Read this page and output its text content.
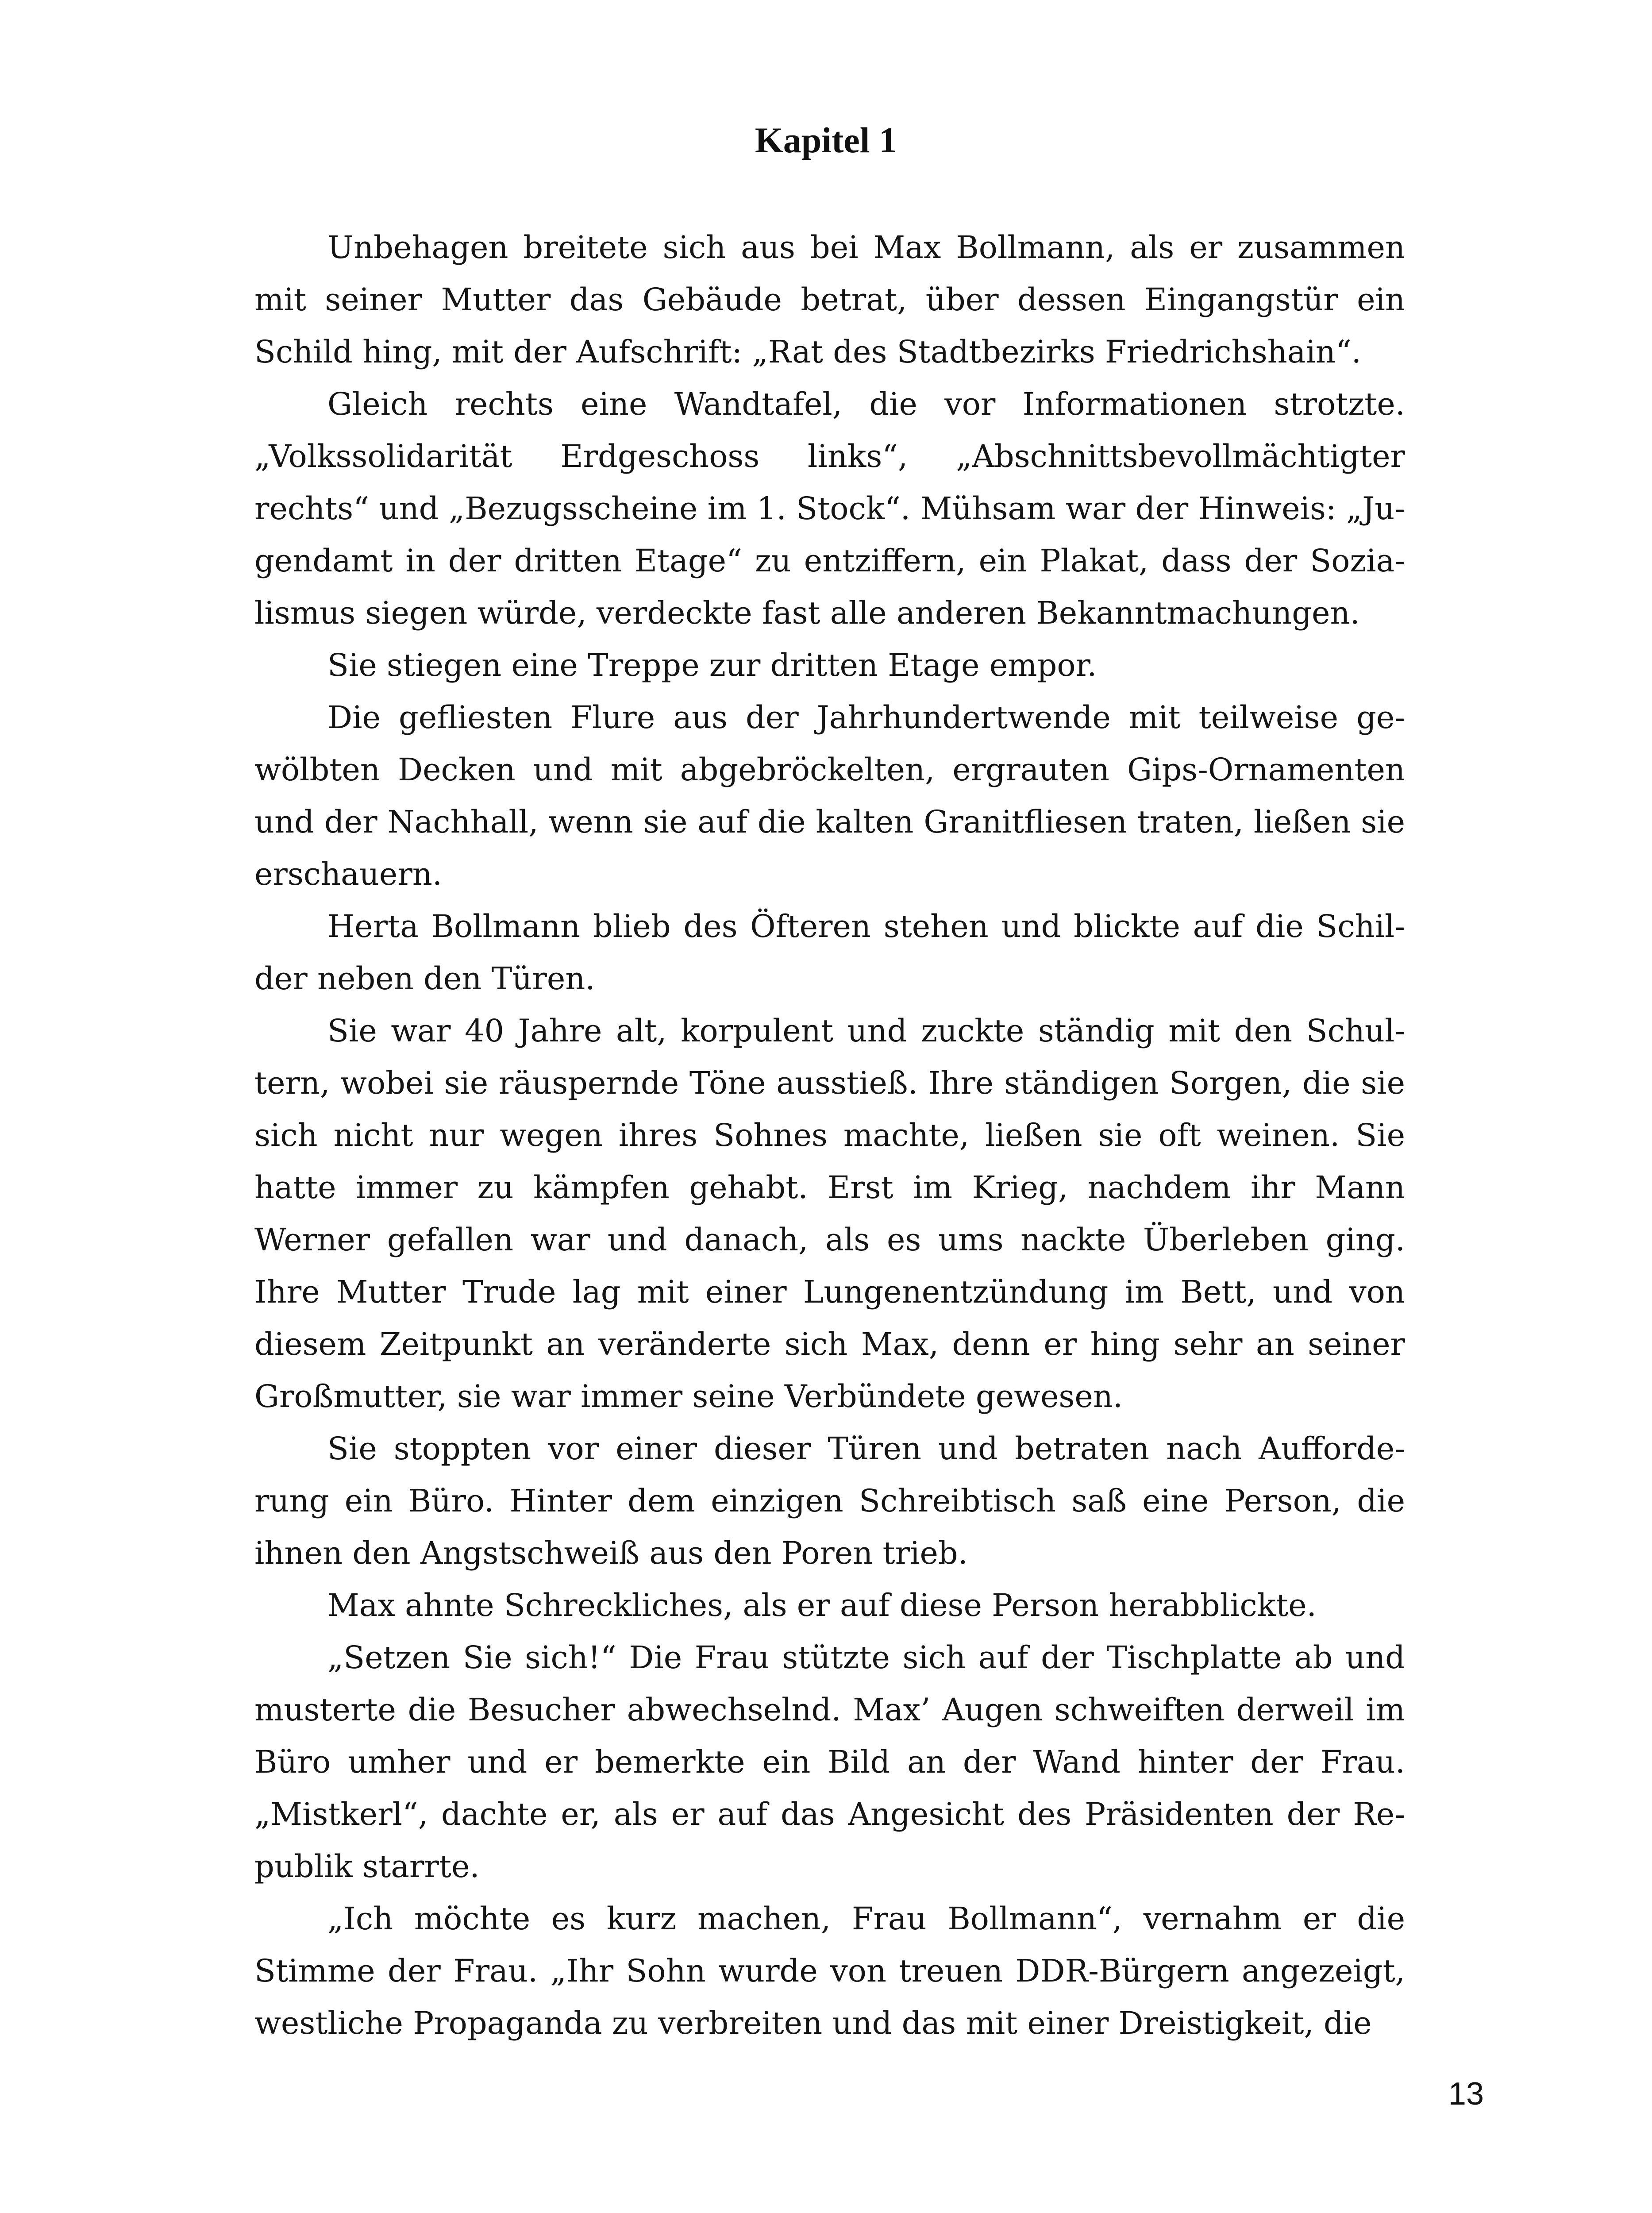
Kapitel 1

Unbehagen breitete sich aus bei Max Bollmann, als er zusammen mit seiner Mutter das Gebäude betrat, über dessen Eingangstür ein Schild hing, mit der Aufschrift: „Rat des Stadtbezirks Friedrichshain“.

Gleich rechts eine Wandtafel, die vor Informationen strotzte. „Volkssolidarität Erdgeschoss links“, „Abschnittsbevollmächtigter rechts“ und „Bezugsscheine im 1. Stock“. Mühsam war der Hinweis: „Jugendamt in der dritten Etage“ zu entziffern, ein Plakat, dass der Sozialismus siegen würde, verdeckte fast alle anderen Bekanntmachungen.

Sie stiegen eine Treppe zur dritten Etage empor.

Die gefliesten Flure aus der Jahrhundertwende mit teilweise gewölbten Decken und mit abgebröckelten, ergrauten Gips-Ornamenten und der Nachhall, wenn sie auf die kalten Granitfliesen traten, ließen sie erschauern.

Herta Bollmann blieb des Öfteren stehen und blickte auf die Schilder neben den Türen.

Sie war 40 Jahre alt, korpulent und zuckte ständig mit den Schultern, wobei sie räuspernde Töne ausstieß. Ihre ständigen Sorgen, die sie sich nicht nur wegen ihres Sohnes machte, ließen sie oft weinen. Sie hatte immer zu kämpfen gehabt. Erst im Krieg, nachdem ihr Mann Werner gefallen war und danach, als es ums nackte Überleben ging. Ihre Mutter Trude lag mit einer Lungenentzündung im Bett, und von diesem Zeitpunkt an veränderte sich Max, denn er hing sehr an seiner Großmutter, sie war immer seine Verbündete gewesen.

Sie stoppten vor einer dieser Türen und betraten nach Aufforderung ein Büro. Hinter dem einzigen Schreibtisch saß eine Person, die ihnen den Angstschweiß aus den Poren trieb.

Max ahnte Schreckliches, als er auf diese Person herabblickte.

„Setzen Sie sich!“ Die Frau stützte sich auf der Tischplatte ab und musterte die Besucher abwechselnd. Max’ Augen schweiften derweil im Büro umher und er bemerkte ein Bild an der Wand hinter der Frau. „Mistkerl“, dachte er, als er auf das Angesicht des Präsidenten der Republik starrte.

„Ich möchte es kurz machen, Frau Bollmann“, vernahm er die Stimme der Frau. „Ihr Sohn wurde von treuen DDR-Bürgern angezeigt, westliche Propaganda zu verbreiten und das mit einer Dreistigkeit, die

13
